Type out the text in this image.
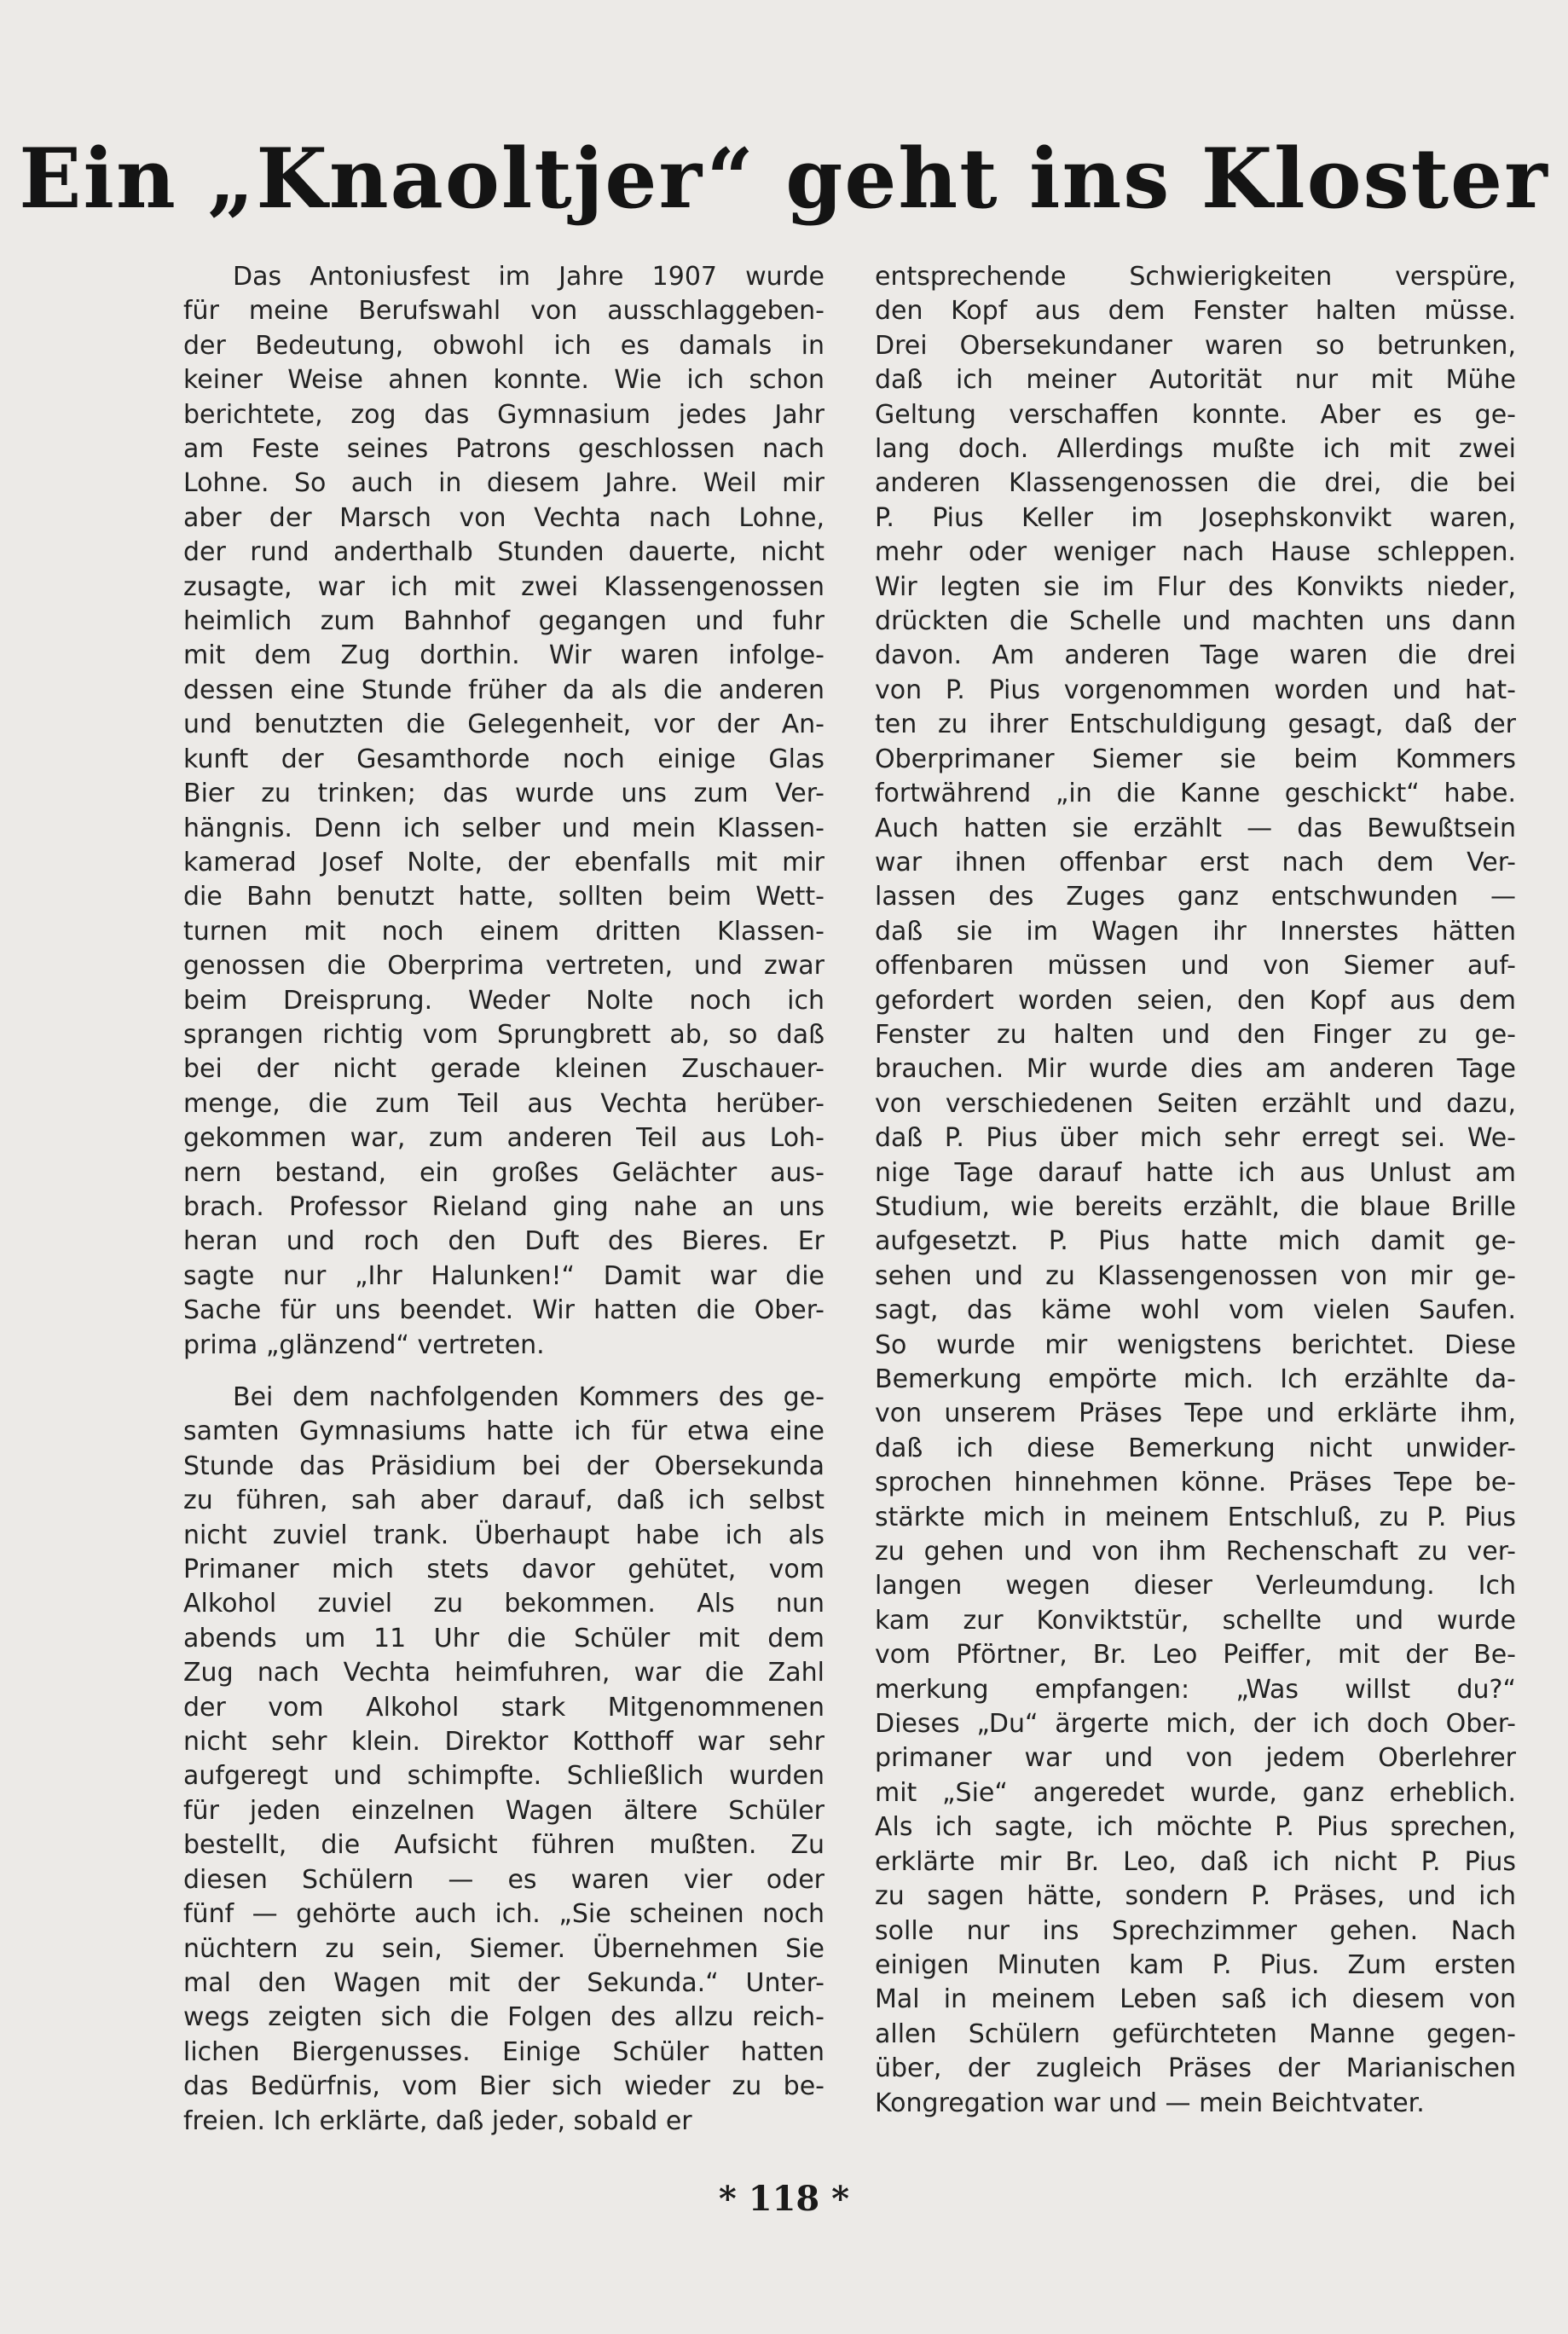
Ein „Knaoltjer“ geht ins Kloster
Das Antoniusfest im Jahre 1907 wurde
für meine Berufswahl von ausschlaggeben-
der Bedeutung, obwohl ich es damals in
keiner Weise ahnen konnte. Wie ich schon
berichtete, zog das Gymnasium jedes Jahr
am Feste seines Patrons geschlossen nach
Lohne. So auch in diesem Jahre. Weil mir
aber der Marsch von Vechta nach Lohne,
der rund anderthalb Stunden dauerte, nicht
zusagte, war ich mit zwei Klassengenossen
heimlich zum Bahnhof gegangen und fuhr
mit dem Zug dorthin. Wir waren infolge-
dessen eine Stunde früher da als die anderen
und benutzten die Gelegenheit, vor der An-
kunft der Gesamthorde noch einige Glas
Bier zu trinken; das wurde uns zum Ver-
hängnis. Denn ich selber und mein Klassen-
kamerad Josef Nolte, der ebenfalls mit mir
die Bahn benutzt hatte, sollten beim Wett-
turnen mit noch einem dritten Klassen-
genossen die Oberprima vertreten, und zwar
beim Dreisprung. Weder Nolte noch ich
sprangen richtig vom Sprungbrett ab, so daß
bei der nicht gerade kleinen Zuschauer-
menge, die zum Teil aus Vechta herüber-
gekommen war, zum anderen Teil aus Loh-
nern bestand, ein großes Gelächter aus-
brach. Professor Rieland ging nahe an uns
heran und roch den Duft des Bieres. Er
sagte nur „Ihr Halunken!“ Damit war die
Sache für uns beendet. Wir hatten die Ober-
prima „glänzend“ vertreten.
Bei dem nachfolgenden Kommers des ge-
samten Gymnasiums hatte ich für etwa eine
Stunde das Präsidium bei der Obersekunda
zu führen, sah aber darauf, daß ich selbst
nicht zuviel trank. Überhaupt habe ich als
Primaner mich stets davor gehütet, vom
Alkohol zuviel zu bekommen. Als nun
abends um 11 Uhr die Schüler mit dem
Zug nach Vechta heimfuhren, war die Zahl
der vom Alkohol stark Mitgenommenen
nicht sehr klein. Direktor Kotthoff war sehr
aufgeregt und schimpfte. Schließlich wurden
für jeden einzelnen Wagen ältere Schüler
bestellt, die Aufsicht führen mußten. Zu
diesen Schülern — es waren vier oder
fünf — gehörte auch ich. „Sie scheinen noch
nüchtern zu sein, Siemer. Übernehmen Sie
mal den Wagen mit der Sekunda.“ Unter-
wegs zeigten sich die Folgen des allzu reich-
lichen Biergenusses. Einige Schüler hatten
das Bedürfnis, vom Bier sich wieder zu be-
freien. Ich erklärte, daß jeder, sobald er
entsprechende Schwierigkeiten verspüre,
den Kopf aus dem Fenster halten müsse.
Drei Obersekundaner waren so betrunken,
daß ich meiner Autorität nur mit Mühe
Geltung verschaffen konnte. Aber es ge-
lang doch. Allerdings mußte ich mit zwei
anderen Klassengenossen die drei, die bei
P. Pius Keller im Josephskonvikt waren,
mehr oder weniger nach Hause schleppen.
Wir legten sie im Flur des Konvikts nieder,
drückten die Schelle und machten uns dann
davon. Am anderen Tage waren die drei
von P. Pius vorgenommen worden und hat-
ten zu ihrer Entschuldigung gesagt, daß der
Oberprimaner Siemer sie beim Kommers
fortwährend „in die Kanne geschickt“ habe.
Auch hatten sie erzählt — das Bewußtsein
war ihnen offenbar erst nach dem Ver-
lassen des Zuges ganz entschwunden —
daß sie im Wagen ihr Innerstes hätten
offenbaren müssen und von Siemer auf-
gefordert worden seien, den Kopf aus dem
Fenster zu halten und den Finger zu ge-
brauchen. Mir wurde dies am anderen Tage
von verschiedenen Seiten erzählt und dazu,
daß P. Pius über mich sehr erregt sei. We-
nige Tage darauf hatte ich aus Unlust am
Studium, wie bereits erzählt, die blaue Brille
aufgesetzt. P. Pius hatte mich damit ge-
sehen und zu Klassengenossen von mir ge-
sagt, das käme wohl vom vielen Saufen.
So wurde mir wenigstens berichtet. Diese
Bemerkung empörte mich. Ich erzählte da-
von unserem Präses Tepe und erklärte ihm,
daß ich diese Bemerkung nicht unwider-
sprochen hinnehmen könne. Präses Tepe be-
stärkte mich in meinem Entschluß, zu P. Pius
zu gehen und von ihm Rechenschaft zu ver-
langen wegen dieser Verleumdung. Ich
kam zur Konviktstür, schellte und wurde
vom Pförtner, Br. Leo Peiffer, mit der Be-
merkung empfangen: „Was willst du?“
Dieses „Du“ ärgerte mich, der ich doch Ober-
primaner war und von jedem Oberlehrer
mit „Sie“ angeredet wurde, ganz erheblich.
Als ich sagte, ich möchte P. Pius sprechen,
erklärte mir Br. Leo, daß ich nicht P. Pius
zu sagen hätte, sondern P. Präses, und ich
solle nur ins Sprechzimmer gehen. Nach
einigen Minuten kam P. Pius. Zum ersten
Mal in meinem Leben saß ich diesem von
allen Schülern gefürchteten Manne gegen-
über, der zugleich Präses der Marianischen
Kongregation war und — mein Beichtvater.
* 118 *
